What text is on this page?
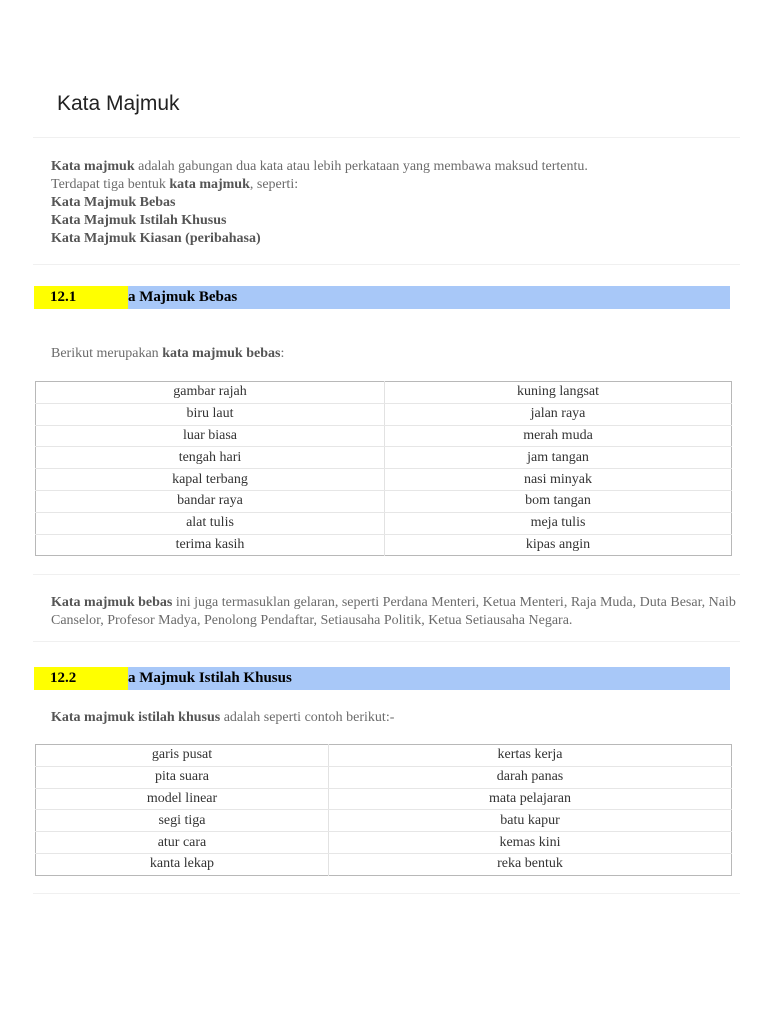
Kata Majmuk

Kata majmuk adalah gabungan dua kata atau lebih perkataan yang membawa maksud tertentu.

Terdapat tiga bentuk kata majmuk, seperti:

Kata Majmuk Bebas

Kata Majmuk Istilah Khusus

Kata Majmuk Kiasan (peribahasa)

12.1	a Majmuk Bebas

Berikut merupakan kata majmuk bebas:

gambar rajah	kuning langsat
biru laut	jalan raya
luar biasa	merah muda
tengah hari	jam tangan
kapal terbang	nasi minyak
bandar raya	bom tangan
alat tulis	meja tulis
terima kasih	kipas angin

Kata majmuk bebas ini juga termasuklan gelaran, seperti Perdana Menteri, Ketua Menteri, Raja Muda, Duta Besar, Naib Canselor, Profesor Madya, Penolong Pendaftar, Setiausaha Politik, Ketua Setiausaha Negara.

12.2	a Majmuk Istilah Khusus

Kata majmuk istilah khusus adalah seperti contoh berikut:-

garis pusat	kertas kerja
pita suara	darah panas
model linear	mata pelajaran
segi tiga	batu kapur
atur cara	kemas kini
kanta lekap	reka bentuk
